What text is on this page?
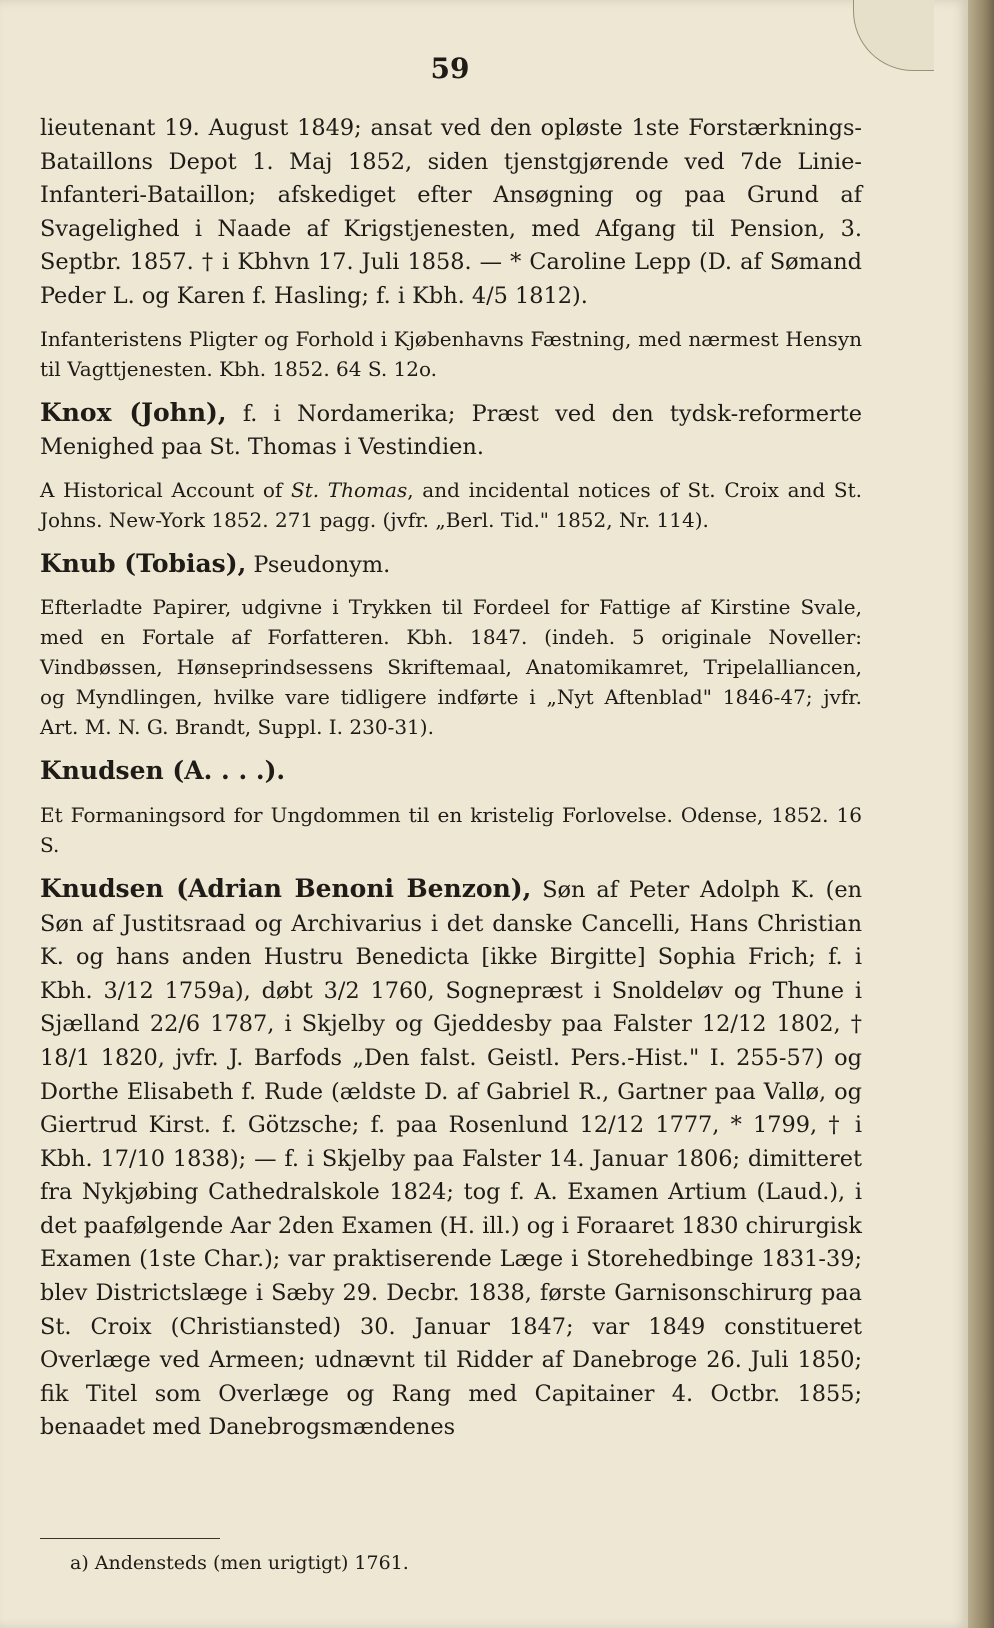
59

lieutenant 19. August 1849; ansat ved den opløste 1ste Forstærknings-Bataillons Depot 1. Maj 1852, siden tjenstgjørende ved 7de Linie-Infanteri-Bataillon; afskediget efter Ansøgning og paa Grund af Svagelighed i Naade af Krigstjenesten, med Afgang til Pension, 3. Septbr. 1857. † i Kbhvn 17. Juli 1858. — * Caroline Lepp (D. af Sømand Peder L. og Karen f. Hasling; f. i Kbh. 4/5 1812).

Infanteristens Pligter og Forhold i Kjøbenhavns Fæstning, med nærmest Hensyn til Vagttjenesten. Kbh. 1852. 64 S. 12o.

Knox (John), f. i Nordamerika; Præst ved den tydsk-reformerte Menighed paa St. Thomas i Vestindien.

A Historical Account of St. Thomas, and incidental notices of St. Croix and St. Johns. New-York 1852. 271 pagg. (jvfr. „Berl. Tid." 1852, Nr. 114).

Knub (Tobias), Pseudonym.

Efterladte Papirer, udgivne i Trykken til Fordeel for Fattige af Kirstine Svale, med en Fortale af Forfatteren. Kbh. 1847. (indeh. 5 originale Noveller: Vindbøssen, Hønseprindsessens Skriftemaal, Anatomikamret, Tripelalliancen, og Myndlingen, hvilke vare tidligere indførte i „Nyt Aftenblad" 1846-47; jvfr. Art. M. N. G. Brandt, Suppl. I. 230-31).

Knudsen (A. . . .).

Et Formaningsord for Ungdommen til en kristelig Forlovelse. Odense, 1852. 16 S.

Knudsen (Adrian Benoni Benzon), Søn af Peter Adolph K. (en Søn af Justitsraad og Archivarius i det danske Cancelli, Hans Christian K. og hans anden Hustru Benedicta [ikke Birgitte] Sophia Frich; f. i Kbh. 3/12 1759a), døbt 3/2 1760, Sognepræst i Snoldeløv og Thune i Sjælland 22/6 1787, i Skjelby og Gjeddesby paa Falster 12/12 1802, † 18/1 1820, jvfr. J. Barfods „Den falst. Geistl. Pers.-Hist." I. 255-57) og Dorthe Elisabeth f. Rude (ældste D. af Gabriel R., Gartner paa Vallø, og Giertrud Kirst. f. Götzsche; f. paa Rosenlund 12/12 1777, * 1799, † i Kbh. 17/10 1838); — f. i Skjelby paa Falster 14. Januar 1806; dimitteret fra Nykjøbing Cathedralskole 1824; tog f. A. Examen Artium (Laud.), i det paafølgende Aar 2den Examen (H. ill.) og i Foraaret 1830 chirurgisk Examen (1ste Char.); var praktiserende Læge i Storehedbinge 1831-39; blev Districtslæge i Sæby 29. Decbr. 1838, første Garnisonschirurg paa St. Croix (Christiansted) 30. Januar 1847; var 1849 constitueret Overlæge ved Armeen; udnævnt til Ridder af Danebroge 26. Juli 1850; fik Titel som Overlæge og Rang med Capitainer 4. Octbr. 1855; benaadet med Danebrogsmændenes

a) Andensteds (men urigtigt) 1761.
